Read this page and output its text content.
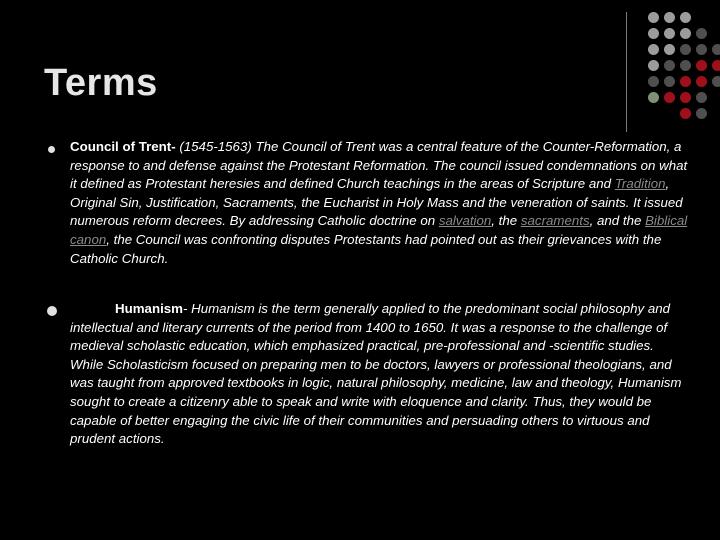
Terms
Council of Trent- (1545-1563) The Council of Trent was a central feature of the Counter-Reformation, a response to and defense against the Protestant Reformation. The council issued condemnations on what it defined as Protestant heresies and defined Church teachings in the areas of Scripture and Tradition, Original Sin, Justification, Sacraments, the Eucharist in Holy Mass and the veneration of saints. It issued numerous reform decrees. By addressing Catholic doctrine on salvation, the sacraments, and the Biblical canon, the Council was confronting disputes Protestants had pointed out as their grievances with the Catholic Church.
Humanism- Humanism is the term generally applied to the predominant social philosophy and intellectual and literary currents of the period from 1400 to 1650. It was a response to the challenge of medieval scholastic education, which emphasized practical, pre-professional and -scientific studies. While Scholasticism focused on preparing men to be doctors, lawyers or professional theologians, and was taught from approved textbooks in logic, natural philosophy, medicine, law and theology, Humanism sought to create a citizenry able to speak and write with eloquence and clarity. Thus, they would be capable of better engaging the civic life of their communities and persuading others to virtuous and prudent actions.
